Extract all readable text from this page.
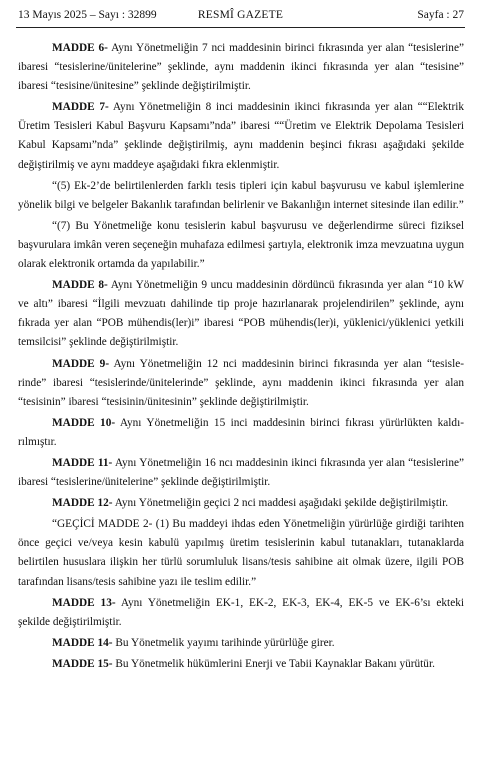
13 Mayıs 2025 – Sayı : 32899	RESMÎ GAZETE	Sayfa : 27

MADDE 6- Aynı Yönetmeliğin 7 nci maddesinin birinci fıkrasında yer alan “tesislerine” ibaresi “tesislerine/ünitelerine” şeklinde, aynı maddenin ikinci fıkrasında yer alan “tesisine” ibaresi “tesisine/ünitesine” şeklinde değiştirilmiştir.

MADDE 7- Aynı Yönetmeliğin 8 inci maddesinin ikinci fıkrasında yer alan ““Elektrik Üretim Tesisleri Kabul Başvuru Kapsamı”nda” ibaresi ““Üretim ve Elektrik Depolama Tesisleri Kabul Kapsamı”nda” şeklinde değiştirilmiş, aynı maddenin beşinci fıkrası aşağıdaki şekilde değiştirilmiş ve aynı maddeye aşağıdaki fıkra eklenmiştir.

“(5) Ek-2’de belirtilenlerden farklı tesis tipleri için kabul başvurusu ve kabul işlemlerine yönelik bilgi ve belgeler Bakanlık tarafından belirlenir ve Bakanlığın internet sitesinde ilan edilir.”

“(7) Bu Yönetmeliğe konu tesislerin kabul başvurusu ve değerlendirme süreci fiziksel başvurulara imkân veren seçeneğin muhafaza edilmesi şartıyla, elektronik imza mevzuatına uygun olarak elektronik ortamda da yapılabilir.”

MADDE 8- Aynı Yönetmeliğin 9 uncu maddesinin dördüncü fıkrasında yer alan “10 kW ve altı” ibaresi “İlgili mevzuatı dahilinde tip proje hazırlanarak projelendirilen” şeklinde, aynı fıkrada yer alan “POB mühendis(ler)i” ibaresi “POB mühendis(ler)i, yüklenici/yüklenici yetkili temsilcisi” şeklinde değiştirilmiştir.

MADDE 9- Aynı Yönetmeliğin 12 nci maddesinin birinci fıkrasında yer alan “tesislerinde” ibaresi “tesislerinde/ünitelerinde” şeklinde, aynı maddenin ikinci fıkrasında yer alan “tesisinin” ibaresi “tesisinin/ünitesinin” şeklinde değiştirilmiştir.

MADDE 10- Aynı Yönetmeliğin 15 inci maddesinin birinci fıkrası yürürlükten kaldırılmıştır.

MADDE 11- Aynı Yönetmeliğin 16 ncı maddesinin ikinci fıkrasında yer alan “tesislerine” ibaresi “tesislerine/ünitelerine” şeklinde değiştirilmiştir.

MADDE 12- Aynı Yönetmeliğin geçici 2 nci maddesi aşağıdaki şekilde değiştirilmiştir.

“GEÇİCİ MADDE 2- (1) Bu maddeyi ihdas eden Yönetmeliğin yürürlüğe girdiği tarihten önce geçici ve/veya kesin kabulü yapılmış üretim tesislerinin kabul tutanakları, tutanaklarda belirtilen hususlara ilişkin her türlü sorumluluk lisans/tesis sahibine ait olmak üzere, ilgili POB tarafından lisans/tesis sahibine yazı ile teslim edilir.”

MADDE 13- Aynı Yönetmeliğin EK-1, EK-2, EK-3, EK-4, EK-5 ve EK-6’sı ekteki şekilde değiştirilmiştir.

MADDE 14- Bu Yönetmelik yayımı tarihinde yürürlüğe girer.

MADDE 15- Bu Yönetmelik hükümlerini Enerji ve Tabii Kaynaklar Bakanı yürütür.
